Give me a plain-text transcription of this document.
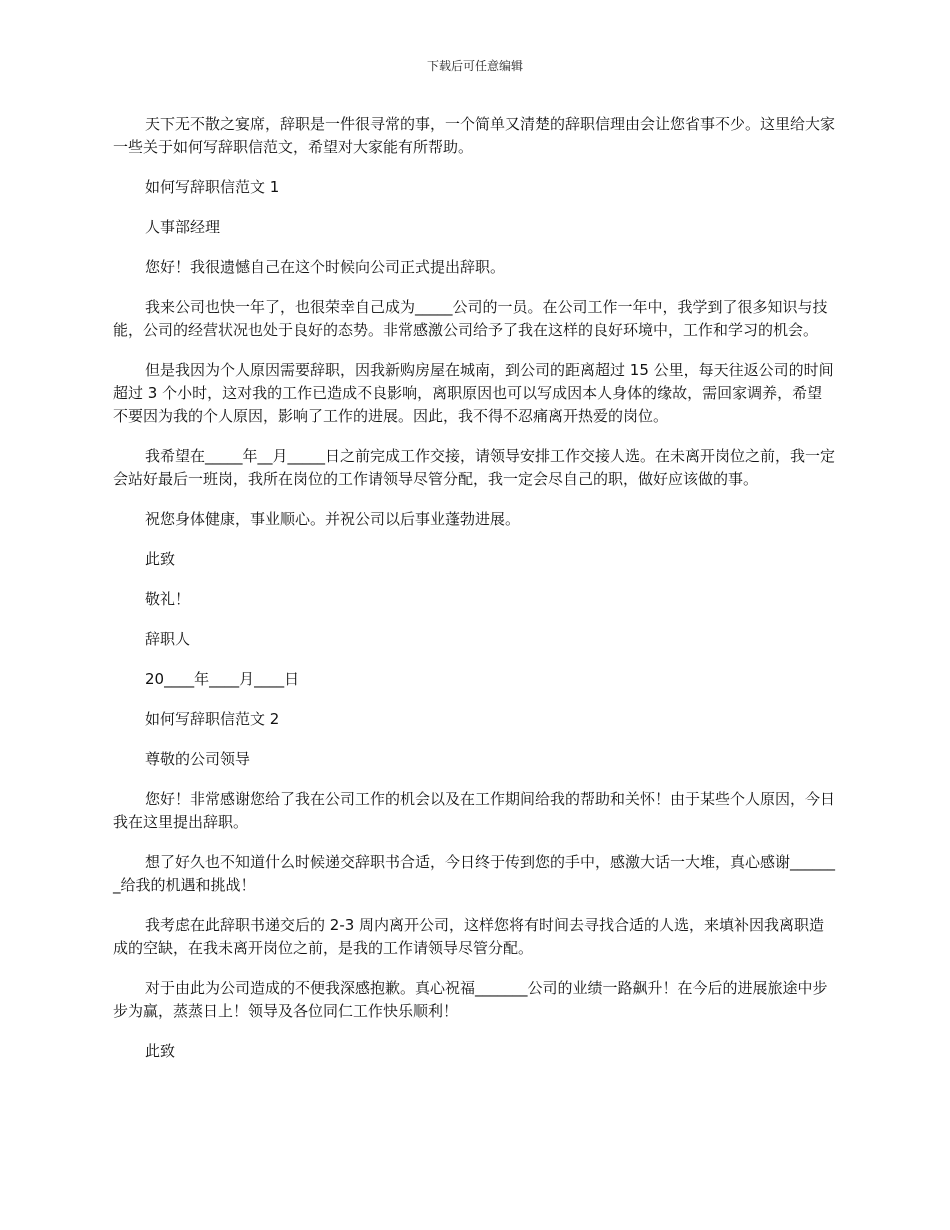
下载后可任意编辑

天下无不散之宴席，辞职是一件很寻常的事，一个简单又清楚的辞职信理由会让您省事不少。这里给大家一些关于如何写辞职信范文，希望对大家能有所帮助。

如何写辞职信范文 1

人事部经理

您好！我很遗憾自己在这个时候向公司正式提出辞职。

我来公司也快一年了，也很荣幸自己成为_____公司的一员。在公司工作一年中，我学到了很多知识与技能，公司的经营状况也处于良好的态势。非常感激公司给予了我在这样的良好环境中，工作和学习的机会。

但是我因为个人原因需要辞职，因我新购房屋在城南，到公司的距离超过 15 公里，每天往返公司的时间超过 3 个小时，这对我的工作已造成不良影响，离职原因也可以写成因本人身体的缘故，需回家调养，希望不要因为我的个人原因，影响了工作的进展。因此，我不得不忍痛离开热爱的岗位。

我希望在_____年__月_____日之前完成工作交接，请领导安排工作交接人选。在未离开岗位之前，我一定会站好最后一班岗，我所在岗位的工作请领导尽管分配，我一定会尽自己的职，做好应该做的事。

祝您身体健康，事业顺心。并祝公司以后事业蓬勃进展。

此致

敬礼！

辞职人

20____年____月____日

如何写辞职信范文 2

尊敬的公司领导

您好！非常感谢您给了我在公司工作的机会以及在工作期间给我的帮助和关怀！由于某些个人原因，今日我在这里提出辞职。

想了好久也不知道什么时候递交辞职书合适，今日终于传到您的手中，感激大话一大堆，真心感谢_______给我的机遇和挑战！

我考虑在此辞职书递交后的 2-3 周内离开公司，这样您将有时间去寻找合适的人选，来填补因我离职造成的空缺，在我未离开岗位之前，是我的工作请领导尽管分配。

对于由此为公司造成的不便我深感抱歉。真心祝福_______公司的业绩一路飙升！在今后的进展旅途中步步为赢，蒸蒸日上！领导及各位同仁工作快乐顺利！

此致
